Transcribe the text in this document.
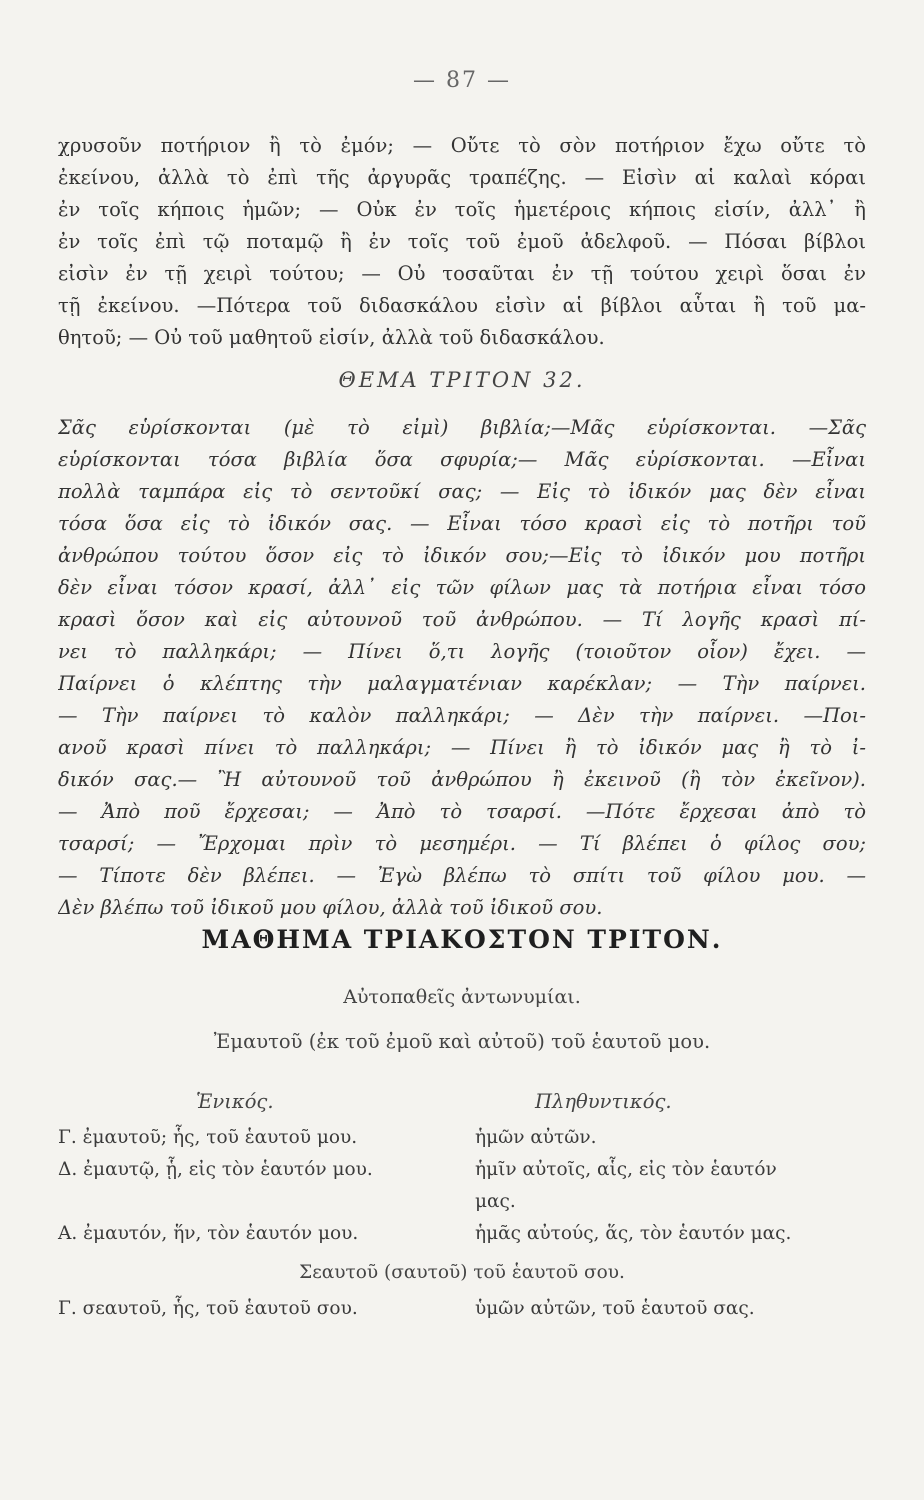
— 87 —
χρυσοῦν ποτήριον ἢ τὸ ἐμόν; — Οὔτε τὸ σὸν ποτήριον ἔχω οὔτε τὸ
ἐκείνου, ἀλλὰ τὸ ἐπὶ τῆς ἀργυρᾶς τραπέζης. — Εἰσὶν αἱ καλαὶ κόραι
ἐν τοῖς κήποις ἡμῶν; — Οὐκ ἐν τοῖς ἡμετέροις κήποις εἰσίν, ἀλλ᾽ ἢ
ἐν τοῖς ἐπὶ τῷ ποταμῷ ἢ ἐν τοῖς τοῦ ἐμοῦ ἀδελφοῦ. — Πόσαι βίβλοι
εἰσὶν ἐν τῇ χειρὶ τούτου; — Οὐ τοσαῦται ἐν τῇ τούτου χειρὶ ὅσαι ἐν
τῇ ἐκείνου. —Πότερα τοῦ διδασκάλου εἰσὶν αἱ βίβλοι αὗται ἢ τοῦ μα-
θητοῦ; — Οὐ τοῦ μαθητοῦ εἰσίν, ἀλλὰ τοῦ διδασκάλου.
ΘΕΜΑ ΤΡΙΤΟΝ 32.
Σᾶς εὑρίσκονται (μὲ τὸ εἰμὶ) βιβλία;—Μᾶς εὑρίσκονται. —Σᾶς
εὑρίσκονται τόσα βιβλία ὅσα σφυρία;— Μᾶς εὑρίσκονται. —Εἶναι
πολλὰ ταμπάρα εἰς τὸ σεντοῦκί σας; — Εἰς τὸ ἰδικόν μας δὲν εἶναι
τόσα ὅσα εἰς τὸ ἰδικόν σας. — Εἶναι τόσο κρασὶ εἰς τὸ ποτῆρι τοῦ
ἀνθρώπου τούτου ὅσον εἰς τὸ ἰδικόν σου;—Εἰς τὸ ἰδικόν μου ποτῆρι
δὲν εἶναι τόσον κρασί, ἀλλ᾽ εἰς τῶν φίλων μας τὰ ποτήρια εἶναι τόσο
κρασὶ ὅσον καὶ εἰς αὐτουνοῦ τοῦ ἀνθρώπου. — Τί λογῆς κρασὶ πί-
νει τὸ παλληκάρι; — Πίνει ὅ,τι λογῆς (τοιοῦτον οἷον) ἔχει. —
Παίρνει ὁ κλέπτης τὴν μαλαγματένιαν καρέκλαν; — Τὴν παίρνει.
— Τὴν παίρνει τὸ καλὸν παλληκάρι; — Δὲν τὴν παίρνει. —Ποι-
ανοῦ κρασὶ πίνει τὸ παλληκάρι; — Πίνει ἢ τὸ ἰδικόν μας ἢ τὸ ἰ-
δικόν σας.— Ἢ αὐτουνοῦ τοῦ ἀνθρώπου ἢ ἐκεινοῦ (ἢ τὸν ἐκεῖνον).
— Ἀπὸ ποῦ ἔρχεσαι; — Ἀπὸ τὸ τσαρσί. —Πότε ἔρχεσαι ἀπὸ τὸ
τσαρσί; — Ἔρχομαι πρὶν τὸ μεσημέρι. — Τί βλέπει ὁ φίλος σου;
— Τίποτε δὲν βλέπει. — Ἐγὼ βλέπω τὸ σπίτι τοῦ φίλου μου. —
Δὲν βλέπω τοῦ ἰδικοῦ μου φίλου, ἀλλὰ τοῦ ἰδικοῦ σου.
ΜΑΘΗΜΑ ΤΡΙΑΚΟΣΤΟΝ ΤΡΙΤΟΝ.
Αὐτοπαθεῖς ἀντωνυμίαι.
Ἐμαυτοῦ (ἐκ τοῦ ἐμοῦ καὶ αὐτοῦ) τοῦ ἑαυτοῦ μου.
Ἑνικός.	Πληθυντικός.
Γ. ἐμαυτοῦ; ἧς, τοῦ ἑαυτοῦ μου.	ἡμῶν αὐτῶν.
Δ. ἐμαυτῷ, ᾗ, εἰς τὸν ἑαυτόν μου.	ἡμῖν αὐτοῖς, αἷς, εἰς τὸν ἑαυτόν
μας.
Α. ἐμαυτόν, ἥν, τὸν ἑαυτόν μου.	ἡμᾶς αὐτούς, ἅς, τὸν ἑαυτόν μας.
Σεαυτοῦ (σαυτοῦ) τοῦ ἑαυτοῦ σου.
Γ. σεαυτοῦ, ἧς, τοῦ ἑαυτοῦ σου.	ὑμῶν αὐτῶν, τοῦ ἑαυτοῦ σας.
